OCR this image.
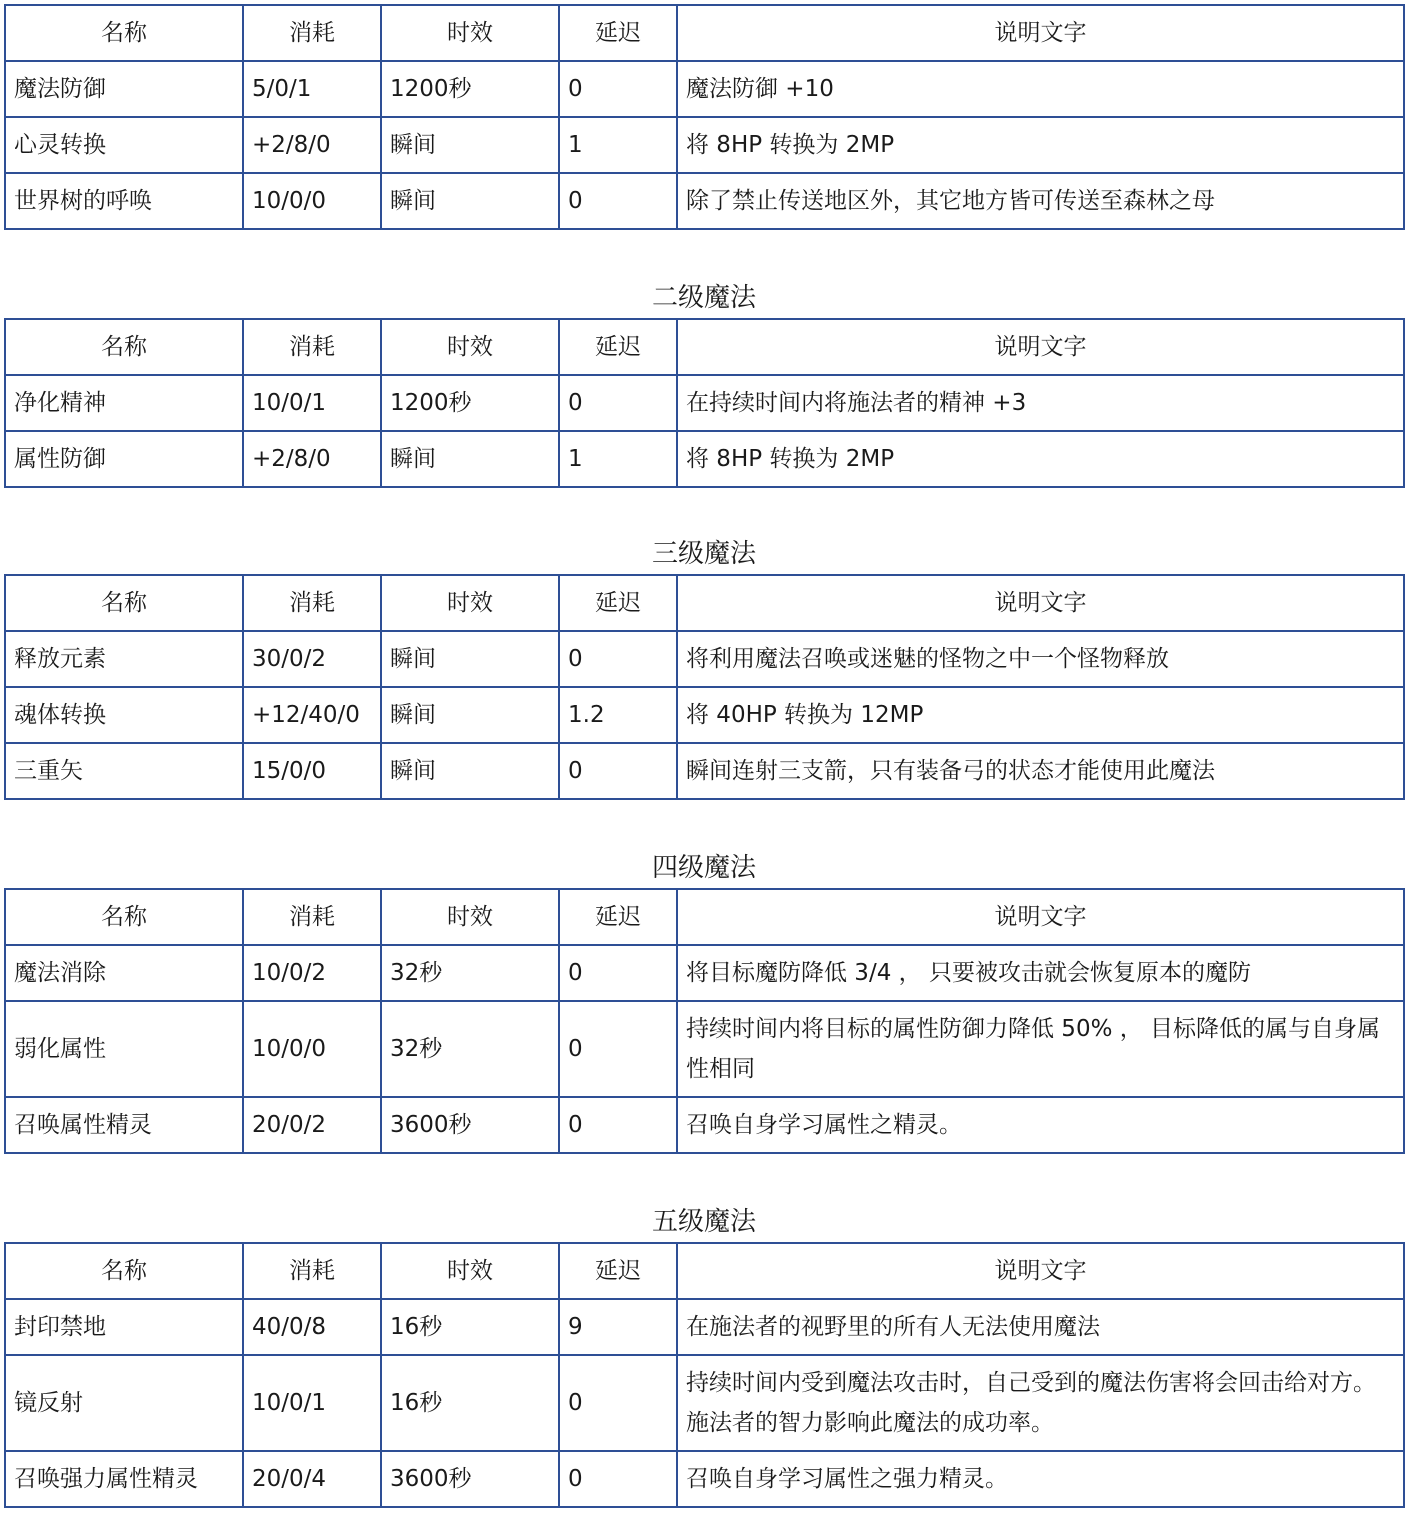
名称	消耗	时效	延迟	说明文字
魔法防御	5/0/1	1200秒	0	魔法防御 +10
心灵转换	+2/8/0	瞬间	1	将 8HP 转换为 2MP
世界树的呼唤	10/0/0	瞬间	0	除了禁止传送地区外，其它地方皆可传送至森林之母
二级魔法
名称	消耗	时效	延迟	说明文字
净化精神	10/0/1	1200秒	0	在持续时间内将施法者的精神 +3
属性防御	+2/8/0	瞬间	1	将 8HP 转换为 2MP
三级魔法
名称	消耗	时效	延迟	说明文字
释放元素	30/0/2	瞬间	0	将利用魔法召唤或迷魅的怪物之中一个怪物释放
魂体转换	+12/40/0	瞬间	1.2	将 40HP 转换为 12MP
三重矢	15/0/0	瞬间	0	瞬间连射三支箭，只有装备弓的状态才能使用此魔法
四级魔法
名称	消耗	时效	延迟	说明文字
魔法消除	10/0/2	32秒	0	将目标魔防降低 3/4 ， 只要被攻击就会恢复原本的魔防
弱化属性	10/0/0	32秒	0	持续时间内将目标的属性防御力降低 50% ， 目标降低的属与自身属性相同
召唤属性精灵	20/0/2	3600秒	0	召唤自身学习属性之精灵。
五级魔法
名称	消耗	时效	延迟	说明文字
封印禁地	40/0/8	16秒	9	在施法者的视野里的所有人无法使用魔法
镜反射	10/0/1	16秒	0	持续时间内受到魔法攻击时，自己受到的魔法伤害将会回击给对方。施法者的智力影响此魔法的成功率。
召唤强力属性精灵	20/0/4	3600秒	0	召唤自身学习属性之强力精灵。
